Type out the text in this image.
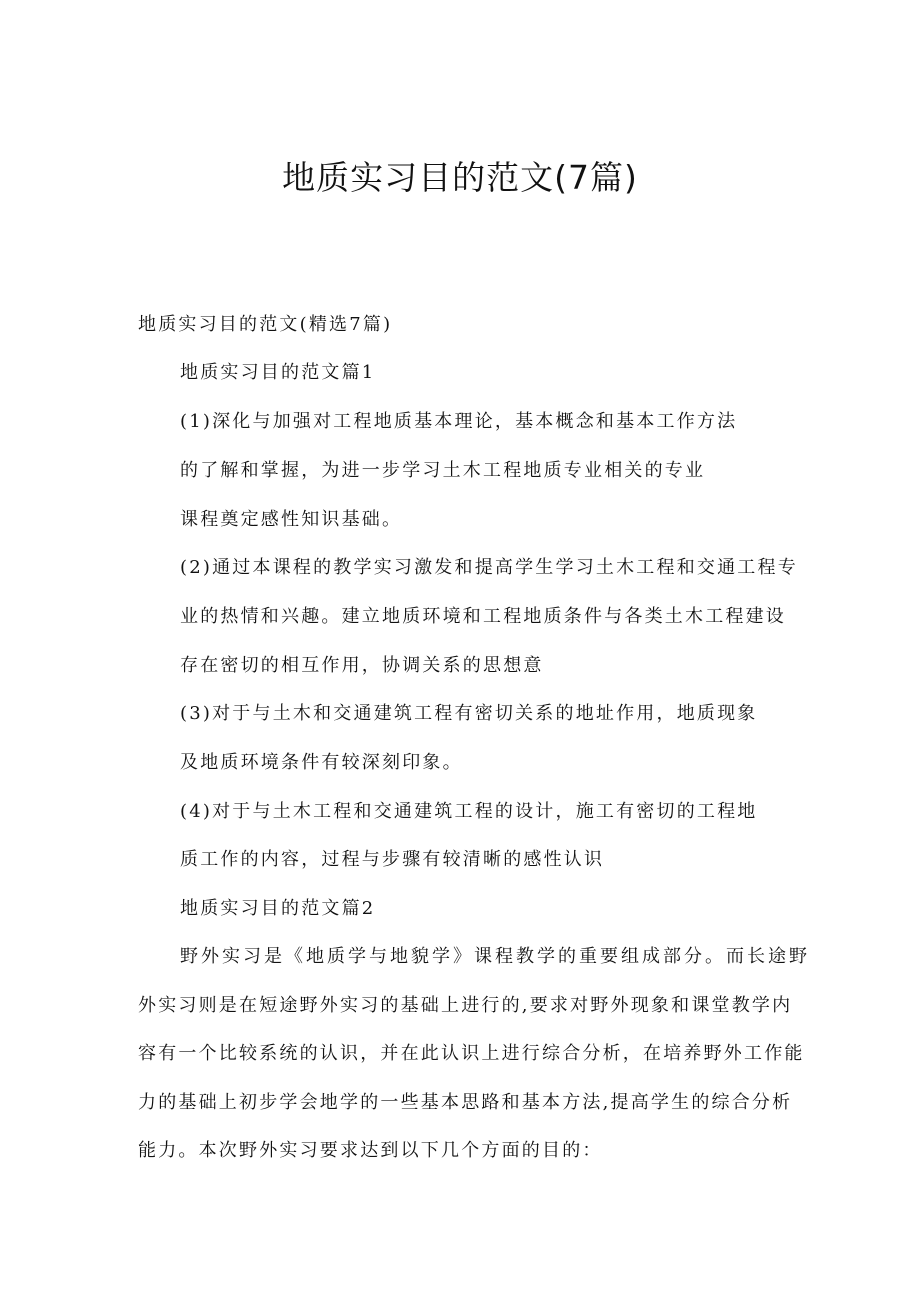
地质实习目的范文(7篇)
地质实习目的范文(精选7篇)
地质实习目的范文篇1
(1)深化与加强对工程地质基本理论，基本概念和基本工作方法
的了解和掌握，为进一步学习土木工程地质专业相关的专业
课程奠定感性知识基础。
(2)通过本课程的教学实习激发和提高学生学习土木工程和交通工程专
业的热情和兴趣。建立地质环境和工程地质条件与各类土木工程建设
存在密切的相互作用，协调关系的思想意
(3)对于与土木和交通建筑工程有密切关系的地址作用，地质现象
及地质环境条件有较深刻印象。
(4)对于与土木工程和交通建筑工程的设计，施工有密切的工程地
质工作的内容，过程与步骤有较清晰的感性认识
地质实习目的范文篇2
野外实习是《地质学与地貌学》课程教学的重要组成部分。而长途野
外实习则是在短途野外实习的基础上进行的,要求对野外现象和课堂教学内
容有一个比较系统的认识，并在此认识上进行综合分析，在培养野外工作能
力的基础上初步学会地学的一些基本思路和基本方法,提高学生的综合分析
能力。本次野外实习要求达到以下几个方面的目的：
